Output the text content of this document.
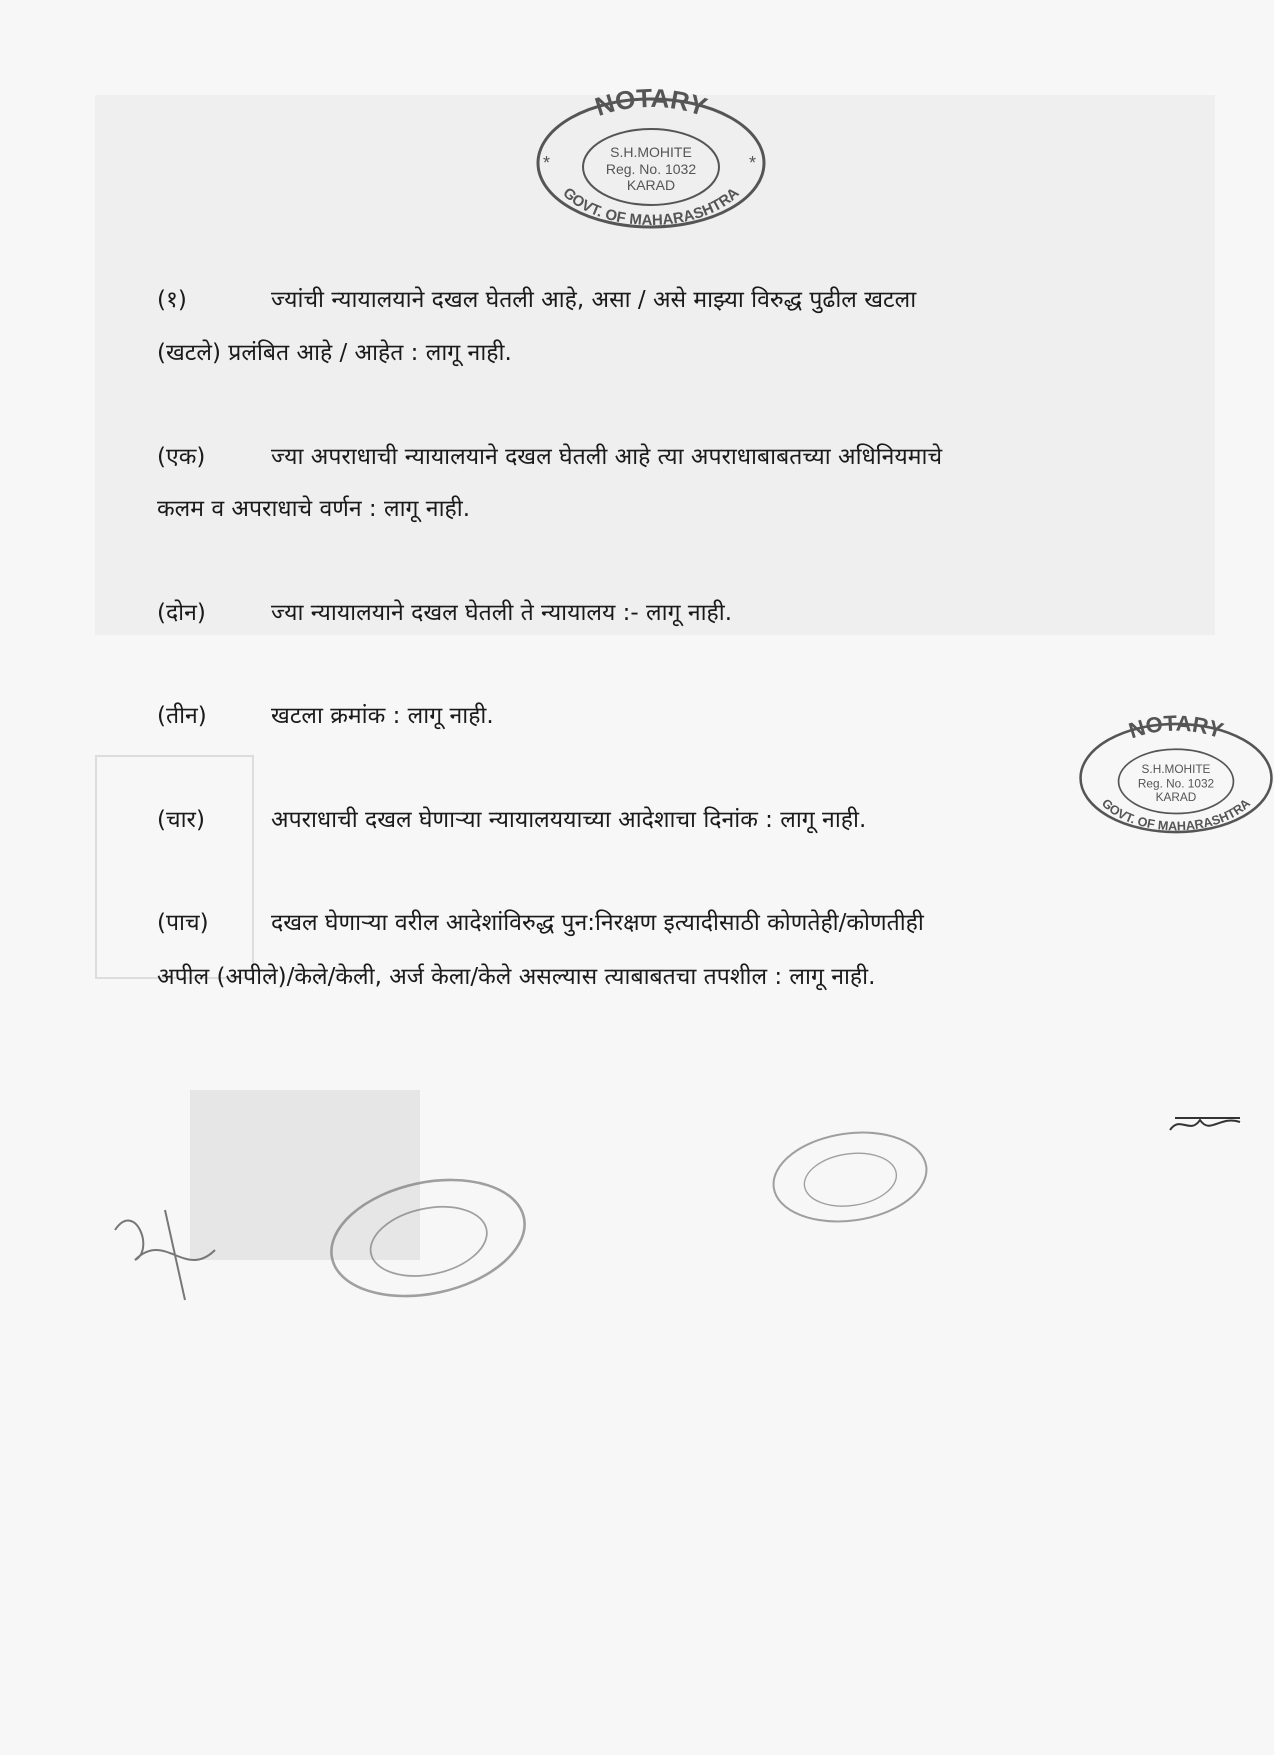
NOTARY
GOVT. OF MAHARASHTRA
S.H.MOHITE
Reg. No. 1032
KARAD
*	*
NOTARY
GOVT. OF MAHARASHTRA
S.H.MOHITE
Reg. No. 1032
KARAD
(१)	ज्यांची न्यायालयाने दखल घेतली आहे, असा / असे माझ्या विरुद्ध पुढील खटला
(खटले) प्रलंबित आहे / आहेत : लागू नाही.
(एक)	ज्या अपराधाची न्यायालयाने दखल घेतली आहे त्या अपराधाबाबतच्या अधिनियमाचे
कलम व अपराधाचे वर्णन : लागू नाही.
(दोन)	ज्या न्यायालयाने दखल घेतली ते न्यायालय :- लागू नाही.
(तीन)	खटला क्रमांक : लागू नाही.
(चार)	अपराधाची दखल घेणाऱ्या न्यायालययाच्या आदेशाचा दिनांक : लागू नाही.
(पाच)	दखल घेणाऱ्या वरील आदेशांविरुद्ध पुन:निरक्षण इत्यादीसाठी कोणतेही/कोणतीही
अपील (अपीले)/केले/केली, अर्ज केला/केले असल्यास त्याबाबतचा तपशील : लागू नाही.
